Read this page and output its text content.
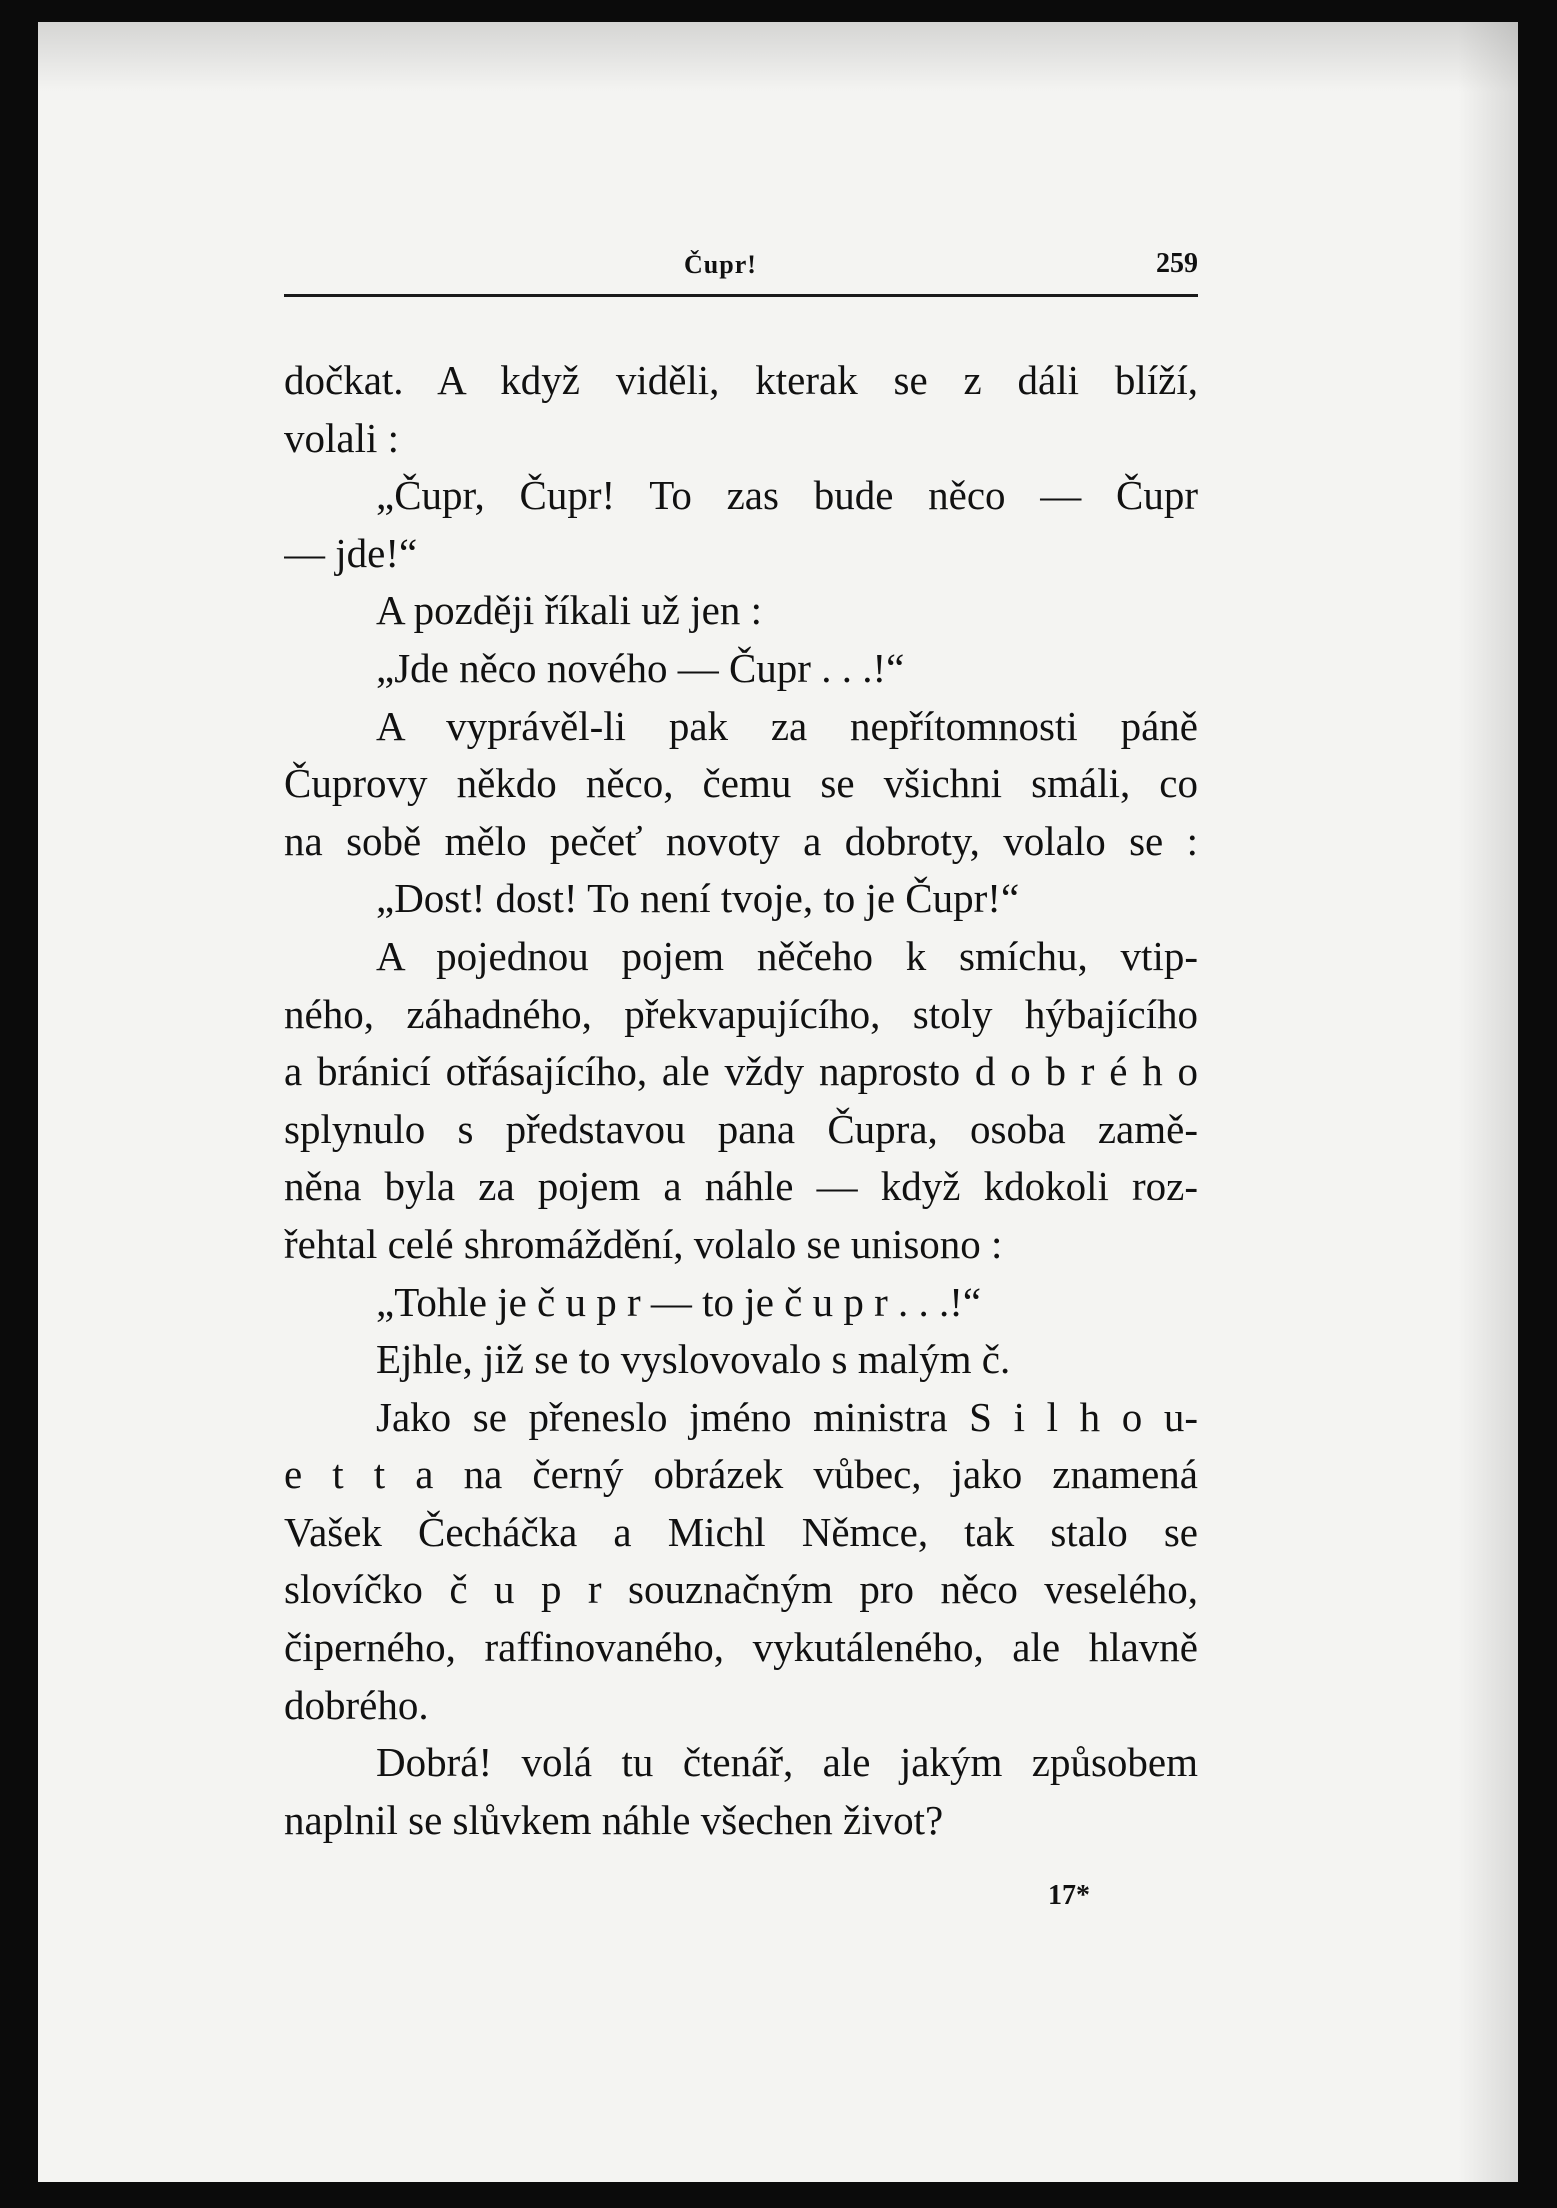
Čupr!	259
dočkat. A když viděli, kterak se z dáli blíží,
volali :
„Čupr, Čupr! To zas bude něco — Čupr
— jde!“
A později říkali už jen :
„Jde něco nového — Čupr . . .!“
A vyprávěl-li pak za nepřítomnosti páně
Čuprovy někdo něco, čemu se všichni smáli, co
na sobě mělo pečeť novoty a dobroty, volalo se :
„Dost! dost! To není tvoje, to je Čupr!“
A pojednou pojem něčeho k smíchu, vtip-
ného, záhadného, překvapujícího, stoly hýbajícího
a bránicí otřásajícího, ale vždy naprosto d o b r é h o
splynulo s představou pana Čupra, osoba zamě-
něna byla za pojem a náhle — když kdokoli roz-
řehtal celé shromáždění, volalo se unisono :
„Tohle je č u p r — to je č u p r . . .!“
Ejhle, již se to vyslovovalo s malým č.
Jako se přeneslo jméno ministra S i l h o u-
e t t a na černý obrázek vůbec, jako znamená
Vašek Čecháčka a Michl Němce, tak stalo se
slovíčko č u p r souznačným pro něco veselého,
čiperného, raffinovaného, vykutáleného, ale hlavně
dobrého.
Dobrá! volá tu čtenář, ale jakým způsobem
naplnil se slůvkem náhle všechen život?
17*
